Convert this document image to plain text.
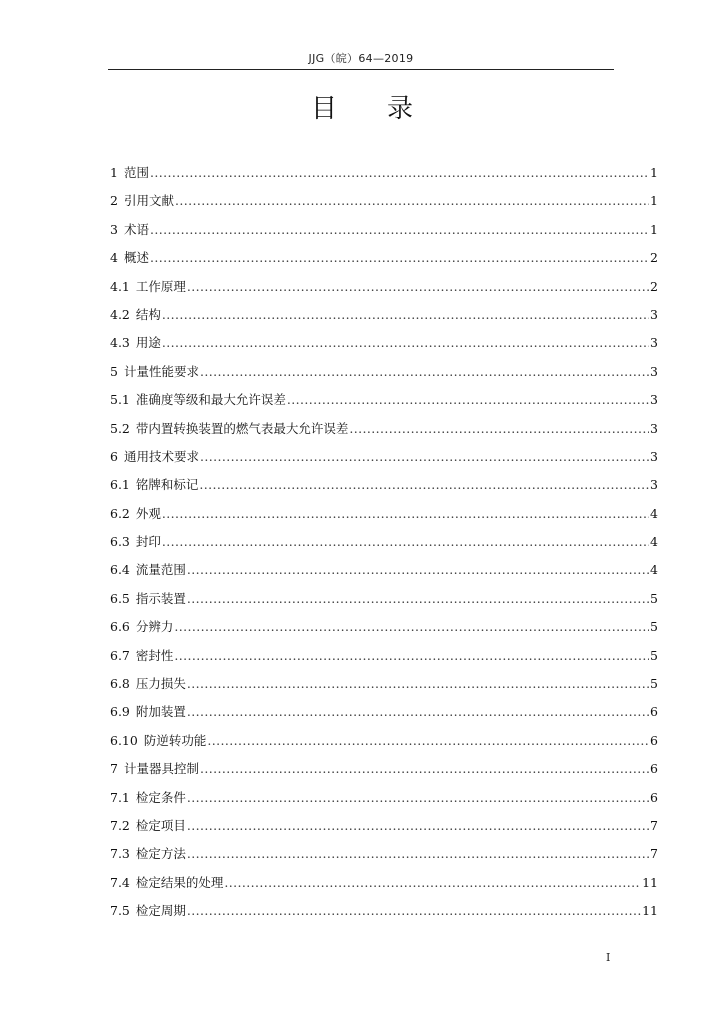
JJG（皖）64—2019
目录
1 范围 .....	1
2 引用文献 .....	1
3 术语 .....	1
4 概述 .....	2
4.1 工作原理 .....	2
4.2 结构 .....	3
4.3 用途 .....	3
5 计量性能要求 .....	3
5.1 准确度等级和最大允许误差 .....	3
5.2 带内置转换装置的燃气表最大允许误差 .....	3
6 通用技术要求 .....	3
6.1 铭牌和标记 .....	3
6.2 外观 .....	4
6.3 封印 .....	4
6.4 流量范围 .....	4
6.5 指示装置 .....	5
6.6 分辨力 .....	5
6.7 密封性 .....	5
6.8 压力损失 .....	5
6.9 附加装置 .....	6
6.10 防逆转功能 .....	6
7 计量器具控制 .....	6
7.1 检定条件 .....	6
7.2 检定项目 .....	7
7.3 检定方法 .....	7
7.4 检定结果的处理 .....	11
7.5 检定周期 .....	11
I
